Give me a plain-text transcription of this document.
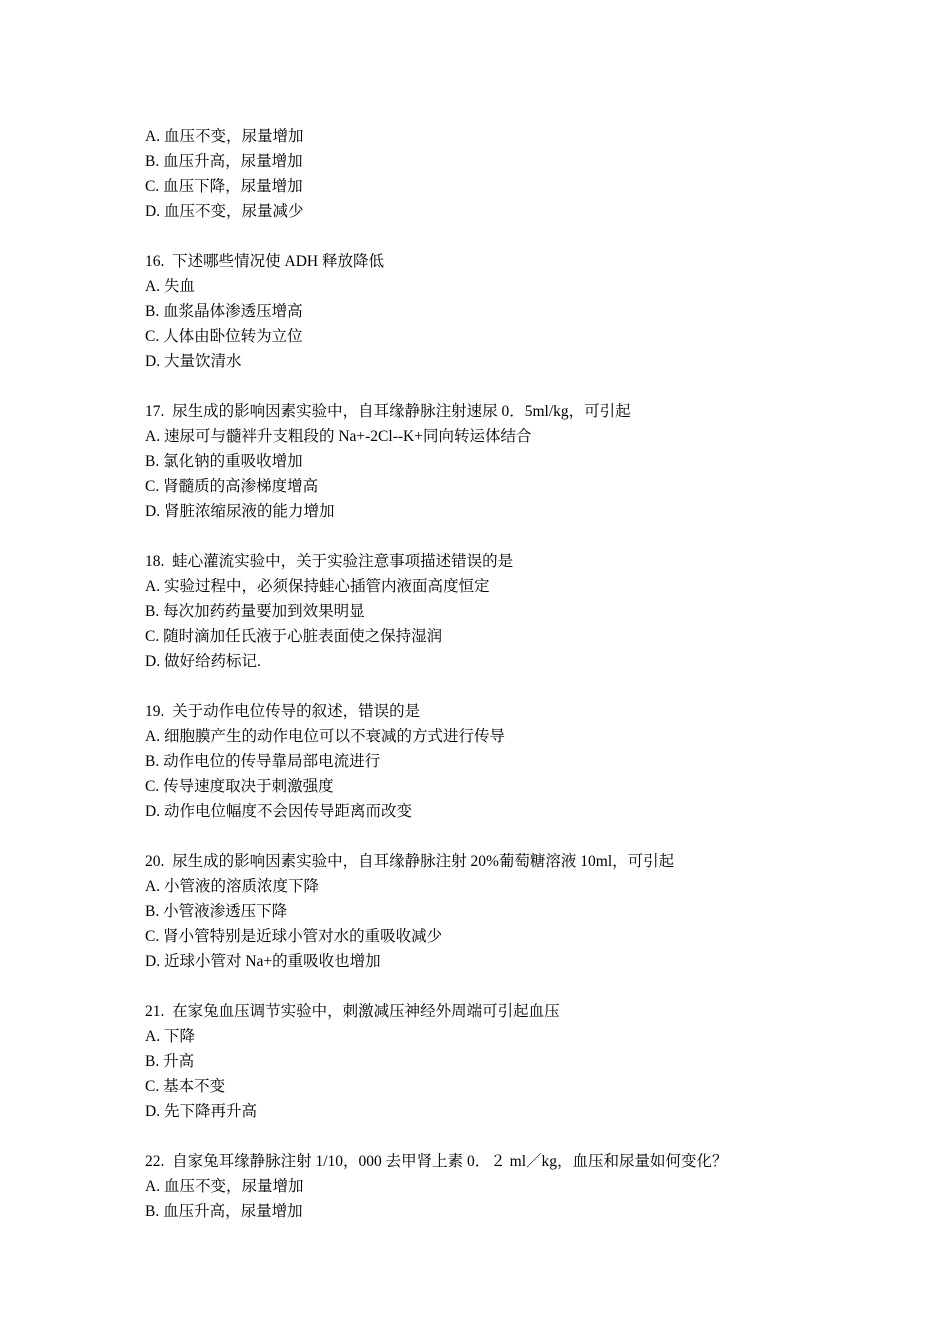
A. 血压不变，尿量增加
B. 血压升高，尿量增加
C. 血压下降，尿量增加
D. 血压不变，尿量减少
16.  下述哪些情况使 ADH 释放降低
A. 失血
B. 血浆晶体渗透压增高
C. 人体由卧位转为立位
D. 大量饮清水
17.  尿生成的影响因素实验中，自耳缘静脉注射速尿 0．5ml/kg，可引起
A. 速尿可与髓袢升支粗段的 Na+-2Cl--K+同向转运体结合
B. 氯化钠的重吸收增加
C. 肾髓质的高渗梯度增高
D. 肾脏浓缩尿液的能力增加
18.  蛙心灌流实验中，关于实验注意事项描述错误的是
A. 实验过程中，必须保持蛙心插管内液面高度恒定
B. 每次加药药量要加到效果明显
C. 随时滴加任氏液于心脏表面使之保持湿润
D. 做好给药标记.
19.  关于动作电位传导的叙述，错误的是
A. 细胞膜产生的动作电位可以不衰减的方式进行传导
B. 动作电位的传导靠局部电流进行
C. 传导速度取决于刺激强度
D. 动作电位幅度不会因传导距离而改变
20.  尿生成的影响因素实验中，自耳缘静脉注射 20%葡萄糖溶液 10ml，可引起
A. 小管液的溶质浓度下降
B. 小管液渗透压下降
C. 肾小管特别是近球小管对水的重吸收减少
D. 近球小管对 Na+的重吸收也增加
21.  在家兔血压调节实验中，刺激减压神经外周端可引起血压
A. 下降
B. 升高
C. 基本不变
D. 先下降再升高
22.  自家兔耳缘静脉注射 1/10，000 去甲肾上素 0．２ ml／kg，血压和尿量如何变化？
A. 血压不变，尿量增加
B. 血压升高，尿量增加
